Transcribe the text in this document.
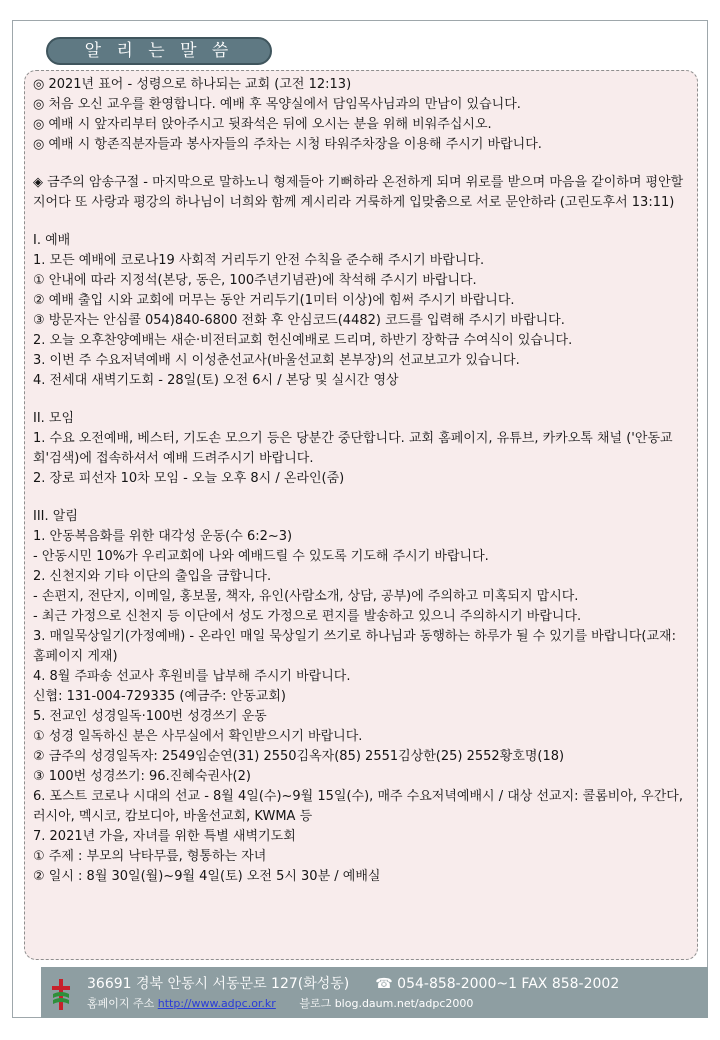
알 리 는 말 씀
◎ 2021년 표어 - 성령으로 하나되는 교회 (고전 12:13)
◎ 처음 오신 교우를 환영합니다. 예배 후 목양실에서 담임목사님과의 만남이 있습니다.
◎ 예배 시 앞자리부터 앉아주시고 뒷좌석은 뒤에 오시는 분을 위해 비워주십시오.
◎ 예배 시 항존직분자들과 봉사자들의 주차는 시청 타워주차장을 이용해 주시기 바랍니다.
◈ 금주의 암송구절 - 마지막으로 말하노니 형제들아 기뻐하라 온전하게 되며 위로를 받으며 마음을 같이하며 평안할지어다 또 사랑과 평강의 하나님이 너희와 함께 계시리라 거룩하게 입맞춤으로 서로 문안하라 (고린도후서 13:11)
I. 예배
1. 모든 예배에 코로나19 사회적 거리두기 안전 수칙을 준수해 주시기 바랍니다.
① 안내에 따라 지정석(본당, 동은, 100주년기념관)에 착석해 주시기 바랍니다.
② 예배 출입 시와 교회에 머무는 동안 거리두기(1미터 이상)에 힘써 주시기 바랍니다.
③ 방문자는 안심콜 054)840-6800 전화 후 안심코드(4482) 코드를 입력해 주시기 바랍니다.
2. 오늘 오후찬양예배는 새순·비전터교회 헌신예배로 드리며, 하반기 장학금 수여식이 있습니다.
3. 이번 주 수요저녁예배 시 이성춘선교사(바울선교회 본부장)의 선교보고가 있습니다.
4. 전세대 새벽기도회 - 28일(토) 오전 6시 / 본당 및 실시간 영상
II. 모임
1. 수요 오전예배, 베스터, 기도손 모으기 등은 당분간 중단합니다. 교회 홈페이지, 유튜브, 카카오톡 채널 ('안동교회'검색)에 접속하셔서 예배 드려주시기 바랍니다.
2. 장로 피선자 10차 모임 - 오늘 오후 8시 / 온라인(줌)
III. 알림
1. 안동복음화를 위한 대각성 운동(수 6:2~3)
- 안동시민 10%가 우리교회에 나와 예배드릴 수 있도록 기도해 주시기 바랍니다.
2. 신천지와 기타 이단의 출입을 금합니다.
- 손편지, 전단지, 이메일, 홍보물, 책자, 유인(사람소개, 상담, 공부)에 주의하고 미혹되지 맙시다.
- 최근 가정으로 신천지 등 이단에서 성도 가정으로 편지를 발송하고 있으니 주의하시기 바랍니다.
3. 매일묵상일기(가정예배) - 온라인 매일 묵상일기 쓰기로 하나님과 동행하는 하루가 될 수 있기를 바랍니다(교재: 홈페이지 게재)
4. 8월 주파송 선교사 후원비를 납부해 주시기 바랍니다.
신협: 131-004-729335 (예금주: 안동교회)
5. 전교인 성경일독·100번 성경쓰기 운동
① 성경 일독하신 분은 사무실에서 확인받으시기 바랍니다.
② 금주의 성경일독자: 2549임순연(31) 2550김옥자(85) 2551김상한(25) 2552황호명(18)
③ 100번 성경쓰기: 96.진혜숙권사(2)
6. 포스트 코로나 시대의 선교 - 8월 4일(수)~9월 15일(수), 매주 수요저녁예배시 / 대상 선교지: 콜롬비아, 우간다, 러시아, 멕시코, 캄보디아, 바울선교회, KWMA 등
7. 2021년 가을, 자녀를 위한 특별 새벽기도회
① 주제 : 부모의 낙타무릎, 형통하는 자녀
② 일시 : 8월 30일(월)~9월 4일(토) 오전 5시 30분 / 예배실
36691 경북 안동시 서동문로 127(화성동) ☎ 054-858-2000~1 FAX 858-2002
홈페이지 주소 http://www.adpc.or.kr 블로그 blog.daum.net/adpc2000
